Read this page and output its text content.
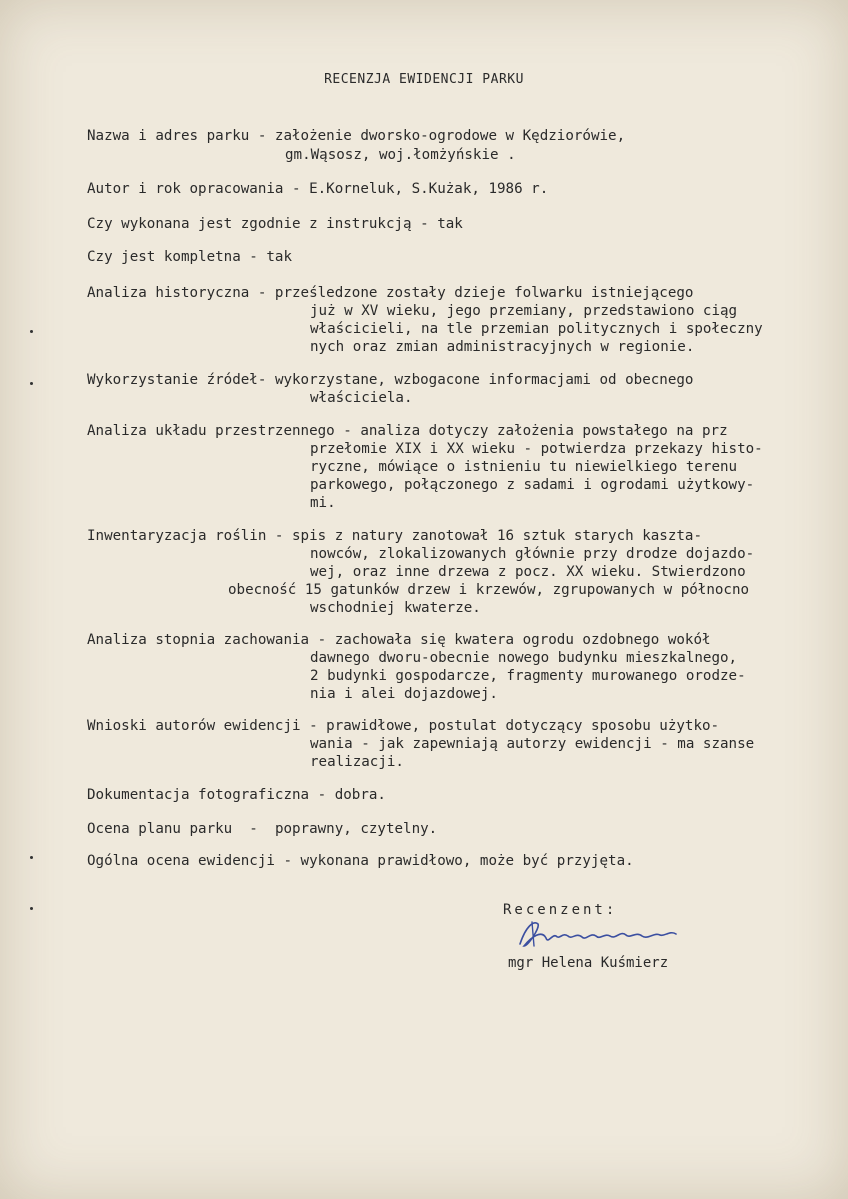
RECENZJA EWIDENCJI PARKU
Nazwa i adres parku - założenie dworsko-ogrodowe w Kędziorówie,
gm.Wąsosz, woj.łomżyńskie .
Autor i rok opracowania - E.Korneluk, S.Kużak, 1986 r.
Czy wykonana jest zgodnie z instrukcją - tak
Czy jest kompletna - tak
Analiza historyczna - prześledzone zostały dzieje folwarku istniejącego
już w XV wieku, jego przemiany, przedstawiono ciąg
właścicieli, na tle przemian politycznych i społeczny
nych oraz zmian administracyjnych w regionie.
Wykorzystanie źródeł - wykorzystane, wzbogacone informacjami od obecnego
właściciela.
Analiza układu przestrzennego - analiza dotyczy założenia powstałego na prz
przełomie XIX i XX wieku - potwierdza przekazy histo-
ryczne, mówiące o istnieniu tu niewielkiego terenu
parkowego, połączonego z sadami i ogrodami użytkowy-
mi.
Inwentaryzacja roślin - spis z natury zanotował 16 sztuk starych kaszta-
nowców, zlokalizowanych głównie przy drodze dojazdo-
wej, oraz inne drzewa z pocz. XX wieku. Stwierdzono
obecność
15 gatunków drzew i krzewów, zgrupowanych w północno
wschodniej kwaterze.
Analiza stopnia zachowania - zachowała się kwatera ogrodu ozdobnego wokół
dawnego dworu-obecnie nowego budynku mieszkalnego,
2 budynki gospodarcze, fragmenty murowanego orodze-
nia i alei dojazdowej.
Wnioski autorów ewidencji - prawidłowe, postulat dotyczący sposobu użytko-
wania - jak zapewniają autorzy ewidencji - ma szanse
realizacji.
Dokumentacja fotograficzna - dobra.
Ocena planu parku - poprawny, czytelny.
Ogólna ocena ewidencji - wykonana prawidłowo, może być przyjęta.
Recenzent:
mgr Helena Kuśmierz
